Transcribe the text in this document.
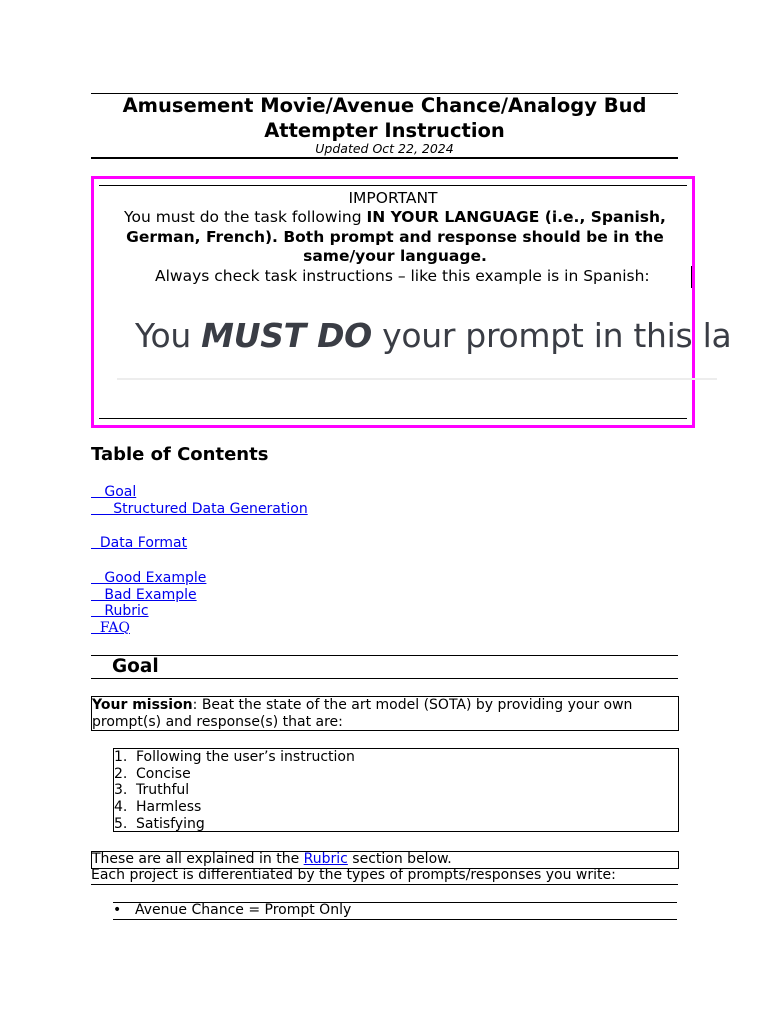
Amusement Movie/Avenue Chance/Analogy Bud Attempter Instruction
Updated Oct 22, 2024
IMPORTANT
You must do the task following IN YOUR LANGUAGE (i.e., Spanish, German, French). Both prompt and response should be in the same/your language.
Always check task instructions – like this example is in Spanish:
You MUST DO your prompt in this la
Table of Contents
Goal
Structured Data Generation
Data Format
Good Example
Bad Example
Rubric
FAQ
Goal
Your mission: Beat the state of the art model (SOTA) by providing your own prompt(s) and response(s) that are:
1. Following the user’s instruction
2. Concise
3. Truthful
4. Harmless
5. Satisfying
These are all explained in the Rubric section below.
Each project is differentiated by the types of prompts/responses you write:
• Avenue Chance = Prompt Only
